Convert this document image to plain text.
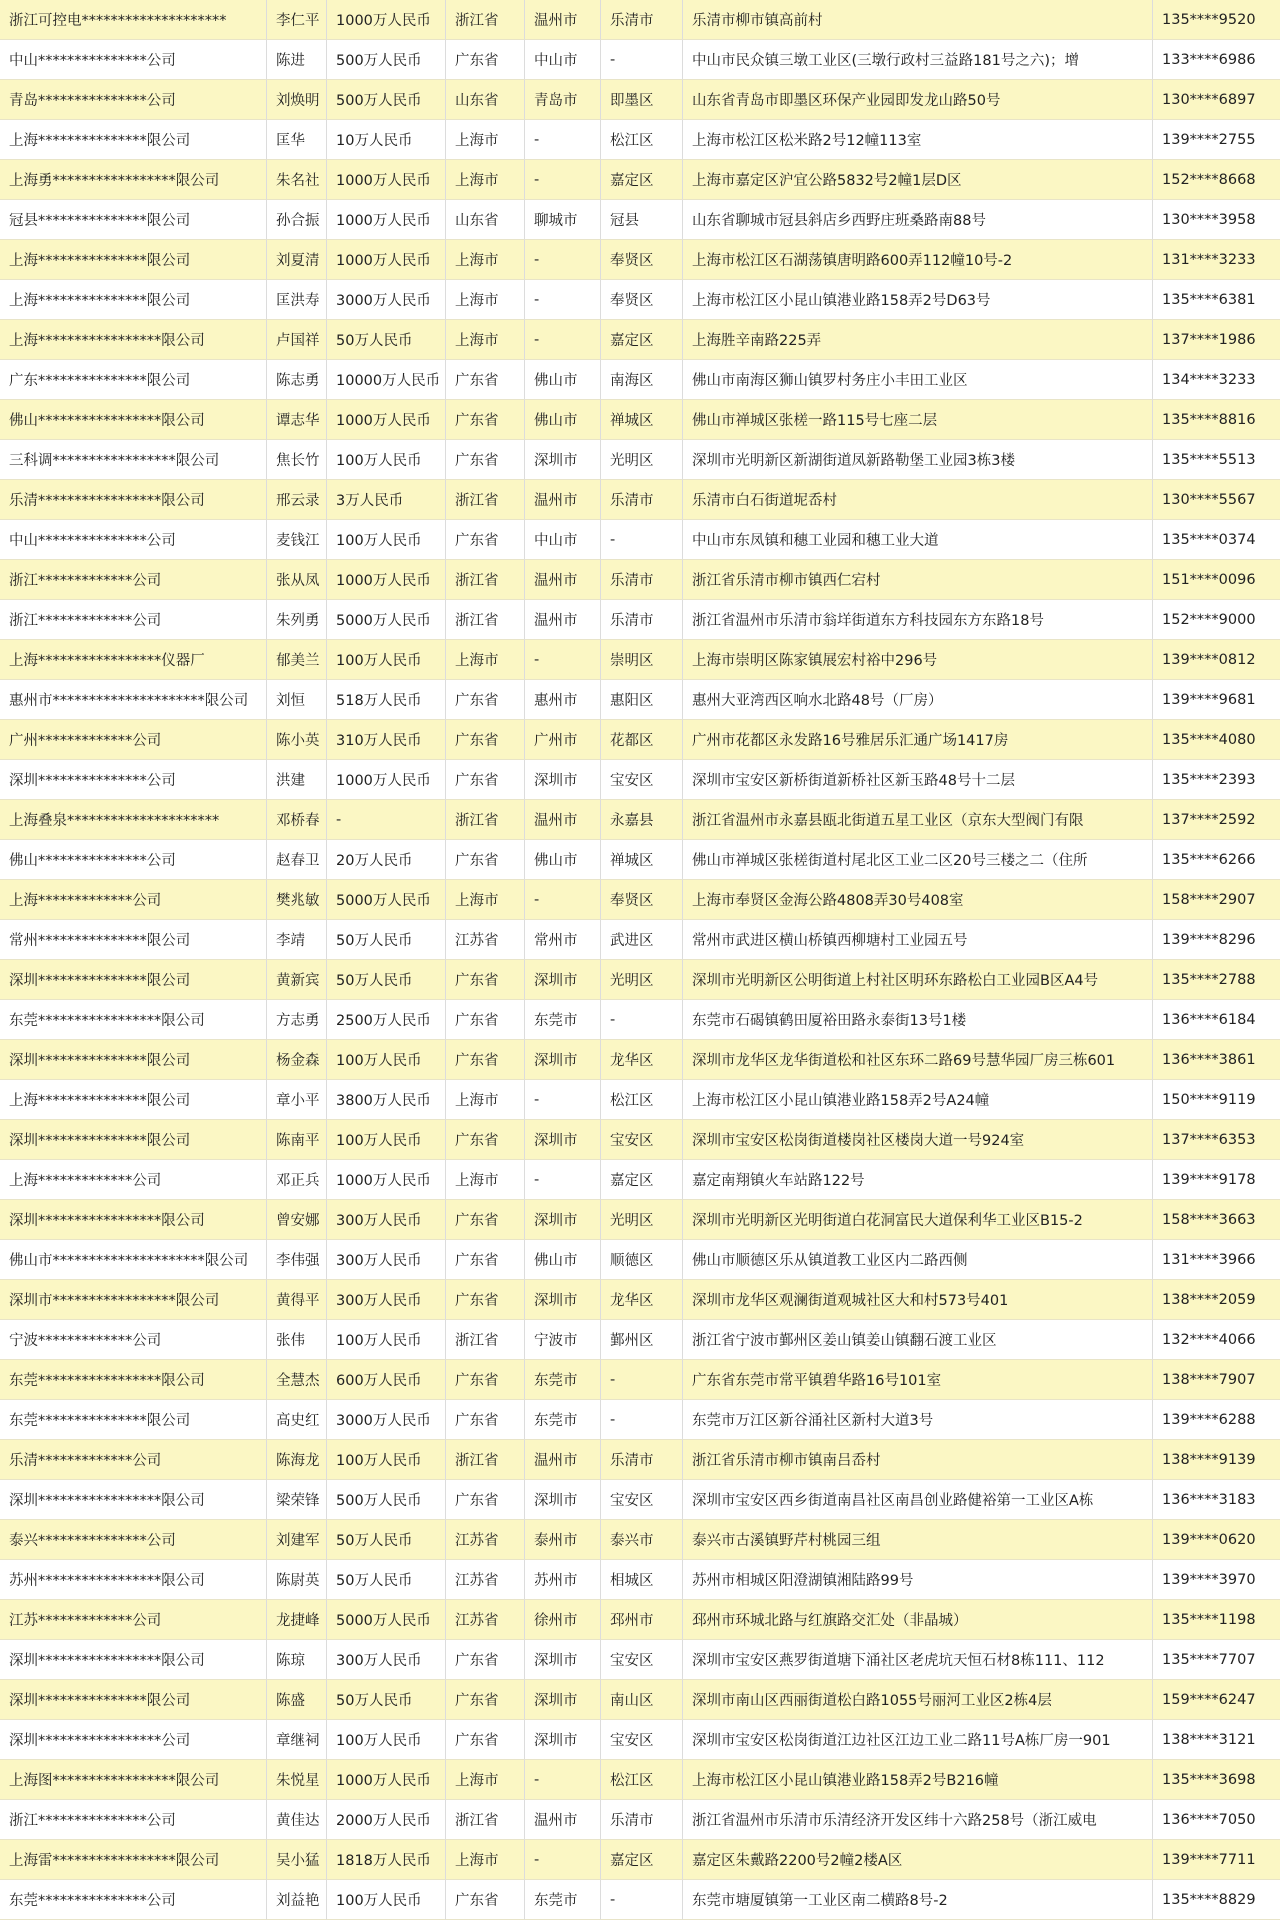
浙江可控电********************	李仁平	1000万人民币	浙江省	温州市	乐清市	乐清市柳市镇高前村	135****9520
中山***************公司	陈进	500万人民币	广东省	中山市	-	中山市民众镇三墩工业区(三墩行政村三益路181号之六)；增	133****6986
青岛***************公司	刘焕明	500万人民币	山东省	青岛市	即墨区	山东省青岛市即墨区环保产业园即发龙山路50号	130****6897
上海***************限公司	匡华	10万人民币	上海市	-	松江区	上海市松江区松米路2号12幢113室	139****2755
上海勇*****************限公司	朱名社	1000万人民币	上海市	-	嘉定区	上海市嘉定区沪宜公路5832号2幢1层D区	152****8668
冠县***************限公司	孙合振	1000万人民币	山东省	聊城市	冠县	山东省聊城市冠县斜店乡西野庄班桑路南88号	130****3958
上海***************限公司	刘夏清	1000万人民币	上海市	-	奉贤区	上海市松江区石湖荡镇唐明路600弄112幢10号-2	131****3233
上海***************限公司	匡洪寿	3000万人民币	上海市	-	奉贤区	上海市松江区小昆山镇港业路158弄2号D63号	135****6381
上海*****************限公司	卢国祥	50万人民币	上海市	-	嘉定区	上海胜辛南路225弄	137****1986
广东***************限公司	陈志勇	10000万人民币	广东省	佛山市	南海区	佛山市南海区狮山镇罗村务庄小丰田工业区	134****3233
佛山*****************限公司	谭志华	1000万人民币	广东省	佛山市	禅城区	佛山市禅城区张槎一路115号七座二层	135****8816
三科调*****************限公司	焦长竹	100万人民币	广东省	深圳市	光明区	深圳市光明新区新湖街道凤新路勒堡工业园3栋3楼	135****5513
乐清*****************限公司	邢云录	3万人民币	浙江省	温州市	乐清市	乐清市白石街道坭岙村	130****5567
中山***************公司	麦钱江	100万人民币	广东省	中山市	-	中山市东凤镇和穗工业园和穗工业大道	135****0374
浙江*************公司	张从凤	1000万人民币	浙江省	温州市	乐清市	浙江省乐清市柳市镇西仁宕村	151****0096
浙江*************公司	朱列勇	5000万人民币	浙江省	温州市	乐清市	浙江省温州市乐清市翁垟街道东方科技园东方东路18号	152****9000
上海*****************仪器厂	郁美兰	100万人民币	上海市	-	崇明区	上海市崇明区陈家镇展宏村裕中296号	139****0812
惠州市*********************限公司	刘恒	518万人民币	广东省	惠州市	惠阳区	惠州大亚湾西区响水北路48号（厂房）	139****9681
广州*************公司	陈小英	310万人民币	广东省	广州市	花都区	广州市花都区永发路16号雅居乐汇通广场1417房	135****4080
深圳***************公司	洪建	1000万人民币	广东省	深圳市	宝安区	深圳市宝安区新桥街道新桥社区新玉路48号十二层	135****2393
上海叠泉*********************	邓桥春	-	浙江省	温州市	永嘉县	浙江省温州市永嘉县瓯北街道五星工业区（京东大型阀门有限	137****2592
佛山***************公司	赵春卫	20万人民币	广东省	佛山市	禅城区	佛山市禅城区张槎街道村尾北区工业二区20号三楼之二（住所	135****6266
上海*************公司	樊兆敏	5000万人民币	上海市	-	奉贤区	上海市奉贤区金海公路4808弄30号408室	158****2907
常州***************限公司	李靖	50万人民币	江苏省	常州市	武进区	常州市武进区横山桥镇西柳塘村工业园五号	139****8296
深圳***************限公司	黄新宾	50万人民币	广东省	深圳市	光明区	深圳市光明新区公明街道上村社区明环东路松白工业园B区A4号	135****2788
东莞*****************限公司	方志勇	2500万人民币	广东省	东莞市	-	东莞市石碣镇鹤田厦裕田路永泰街13号1楼	136****6184
深圳***************限公司	杨金森	100万人民币	广东省	深圳市	龙华区	深圳市龙华区龙华街道松和社区东环二路69号慧华园厂房三栋601	136****3861
上海***************限公司	章小平	3800万人民币	上海市	-	松江区	上海市松江区小昆山镇港业路158弄2号A24幢	150****9119
深圳***************限公司	陈南平	100万人民币	广东省	深圳市	宝安区	深圳市宝安区松岗街道楼岗社区楼岗大道一号924室	137****6353
上海*************公司	邓正兵	1000万人民币	上海市	-	嘉定区	嘉定南翔镇火车站路122号	139****9178
深圳*****************限公司	曾安娜	300万人民币	广东省	深圳市	光明区	深圳市光明新区光明街道白花洞富民大道保利华工业区B15-2	158****3663
佛山市*********************限公司	李伟强	300万人民币	广东省	佛山市	顺德区	佛山市顺德区乐从镇道教工业区内二路西侧	131****3966
深圳市*****************限公司	黄得平	300万人民币	广东省	深圳市	龙华区	深圳市龙华区观澜街道观城社区大和村573号401	138****2059
宁波*************公司	张伟	100万人民币	浙江省	宁波市	鄞州区	浙江省宁波市鄞州区姜山镇姜山镇翻石渡工业区	132****4066
东莞*****************限公司	全慧杰	600万人民币	广东省	东莞市	-	广东省东莞市常平镇碧华路16号101室	138****7907
东莞***************限公司	高史红	3000万人民币	广东省	东莞市	-	东莞市万江区新谷涌社区新村大道3号	139****6288
乐清*************公司	陈海龙	100万人民币	浙江省	温州市	乐清市	浙江省乐清市柳市镇南吕岙村	138****9139
深圳*****************限公司	梁荣锋	500万人民币	广东省	深圳市	宝安区	深圳市宝安区西乡街道南昌社区南昌创业路健裕第一工业区A栋	136****3183
泰兴***************公司	刘建军	50万人民币	江苏省	泰州市	泰兴市	泰兴市古溪镇野芹村桃园三组	139****0620
苏州*****************限公司	陈尉英	50万人民币	江苏省	苏州市	相城区	苏州市相城区阳澄湖镇湘陆路99号	139****3970
江苏*************公司	龙捷峰	5000万人民币	江苏省	徐州市	邳州市	邳州市环城北路与红旗路交汇处（非晶城）	135****1198
深圳*****************限公司	陈琼	300万人民币	广东省	深圳市	宝安区	深圳市宝安区燕罗街道塘下涌社区老虎坑天恒石材8栋111、112	135****7707
深圳***************限公司	陈盛	50万人民币	广东省	深圳市	南山区	深圳市南山区西丽街道松白路1055号丽河工业区2栋4层	159****6247
深圳*****************公司	章继祠	100万人民币	广东省	深圳市	宝安区	深圳市宝安区松岗街道江边社区江边工业二路11号A栋厂房一901	138****3121
上海图*****************限公司	朱悦星	1000万人民币	上海市	-	松江区	上海市松江区小昆山镇港业路158弄2号B216幢	135****3698
浙江***************公司	黄佳达	2000万人民币	浙江省	温州市	乐清市	浙江省温州市乐清市乐清经济开发区纬十六路258号（浙江威电	136****7050
上海雷*****************限公司	吴小猛	1818万人民币	上海市	-	嘉定区	嘉定区朱戴路2200号2幢2楼A区	139****7711
东莞***************公司	刘益艳	100万人民币	广东省	东莞市	-	东莞市塘厦镇第一工业区南二横路8号-2	135****8829
